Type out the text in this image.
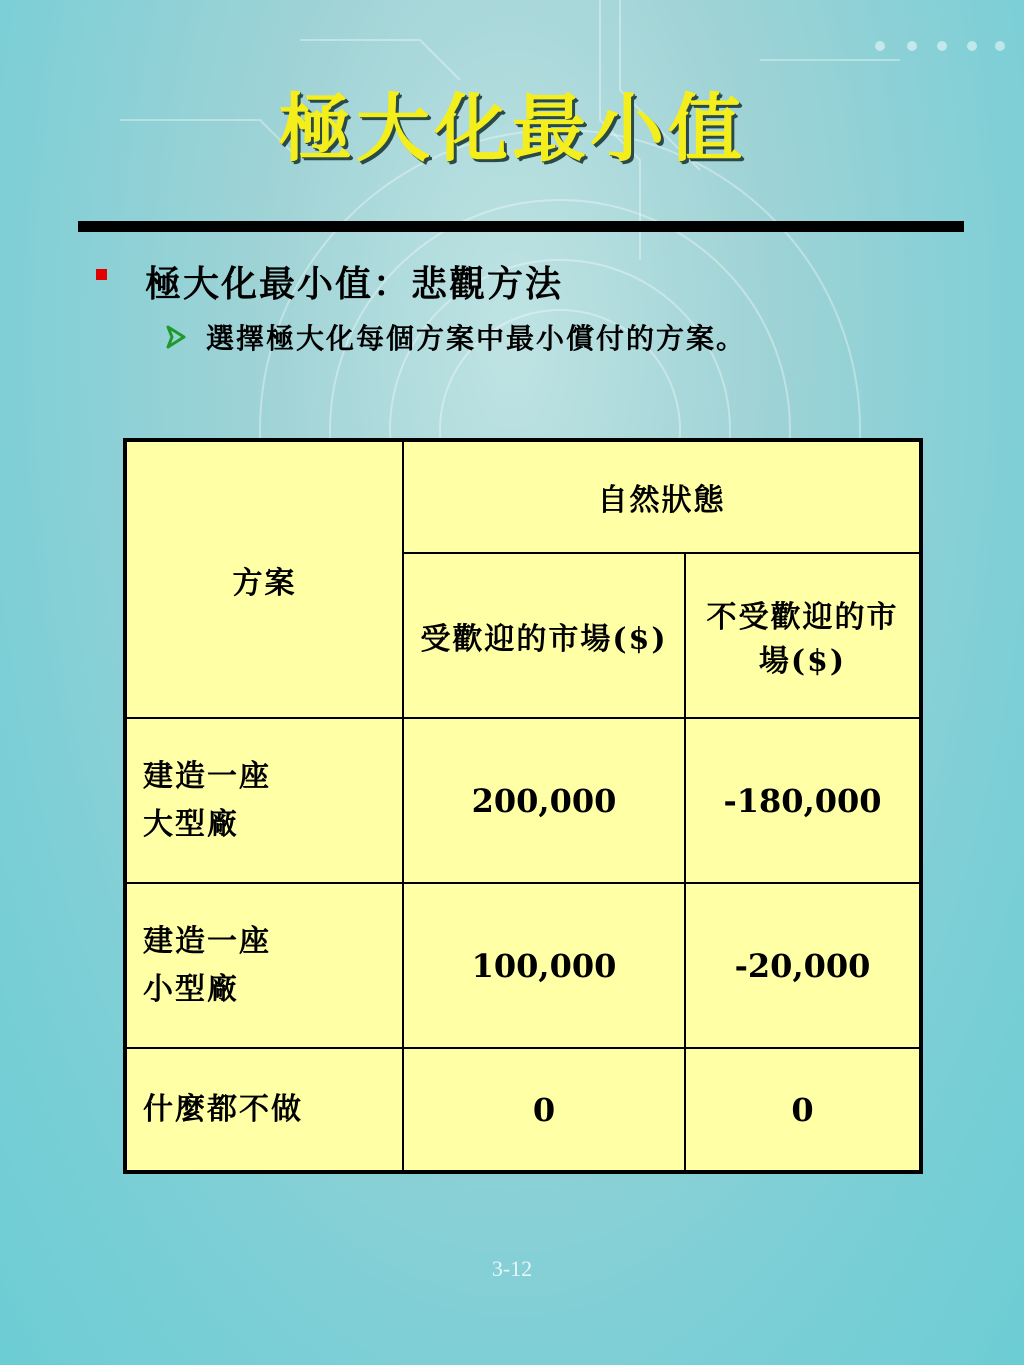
極大化最小值
極大化最小值：悲觀方法
選擇極大化每個方案中最小償付的方案。
方案	自然狀態	
	受歡迎的市場($)	不受歡迎的市場($)

建造一座大型廠	200,000	-180,000

建造一座小型廠	100,000	-20,000
什麼都不做	0	0
3-12
